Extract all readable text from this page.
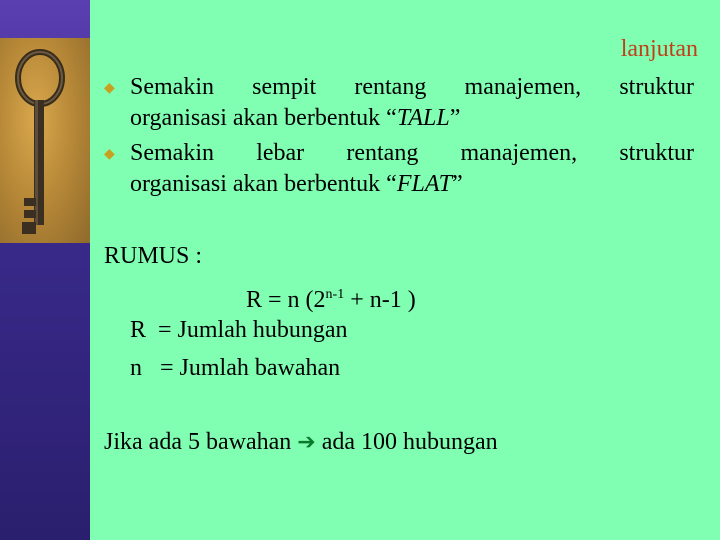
lanjutan
◆ Semakin sempit rentang manajemen, struktur
organisasi akan berbentuk “TALL”
◆ Semakin lebar rentang manajemen, struktur
organisasi akan berbentuk “FLAT”
RUMUS :
R = n ($2^{n-1} + n-1$ )
R  = Jumlah hubungan
n   = Jumlah bawahan
Jika ada 5 bawahan ➔ ada 100 hubungan
